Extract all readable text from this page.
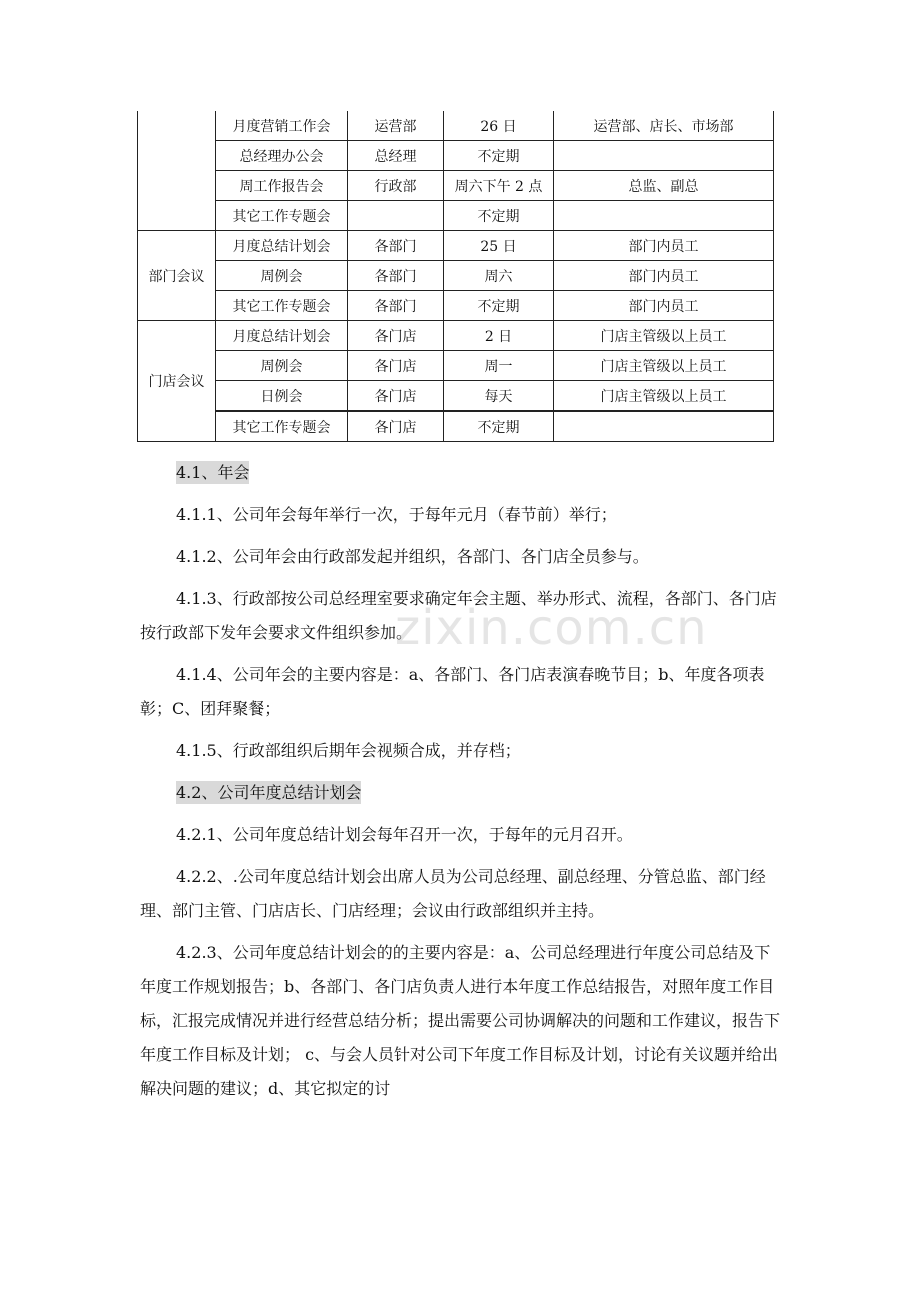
	月度营销工作会	运营部	26 日	运营部、店长、市场部
	总经理办公会	总经理	不定期	
	周工作报告会	行政部	周六下午 2 点	总监、副总
	其它工作专题会		不定期	
部门会议	月度总结计划会	各部门	25 日	部门内员工
	周例会	各部门	周六	部门内员工
	其它工作专题会	各部门	不定期	部门内员工
门店会议	月度总结计划会	各门店	2 日	门店主管级以上员工
	周例会	各门店	周一	门店主管级以上员工
	日例会	各门店	每天	门店主管级以上员工
	其它工作专题会	各门店	不定期	

4.1、年会

4.1.1、公司年会每年举行一次，于每年元月（春节前）举行；

4.1.2、公司年会由行政部发起并组织，各部门、各门店全员参与。

4.1.3、行政部按公司总经理室要求确定年会主题、举办形式、流程，各部门、各门店按行政部下发年会要求文件组织参加。

4.1.4、公司年会的主要内容是：a、各部门、各门店表演春晚节目；b、年度各项表彰；C、团拜聚餐；

4.1.5、行政部组织后期年会视频合成，并存档；

4.2、公司年度总结计划会

4.2.1、公司年度总结计划会每年召开一次，于每年的元月召开。

4.2.2、.公司年度总结计划会出席人员为公司总经理、副总经理、分管总监、部门经理、部门主管、门店店长、门店经理；会议由行政部组织并主持。

4.2.3、公司年度总结计划会的的主要内容是：a、公司总经理进行年度公司总结及下年度工作规划报告；b、各部门、各门店负责人进行本年度工作总结报告，对照年度工作目标，汇报完成情况并进行经营总结分析；提出需要公司协调解决的问题和工作建议，报告下年度工作目标及计划； c、与会人员针对公司下年度工作目标及计划，讨论有关议题并给出解决问题的建议；d、其它拟定的讨

zixin.com.cn
